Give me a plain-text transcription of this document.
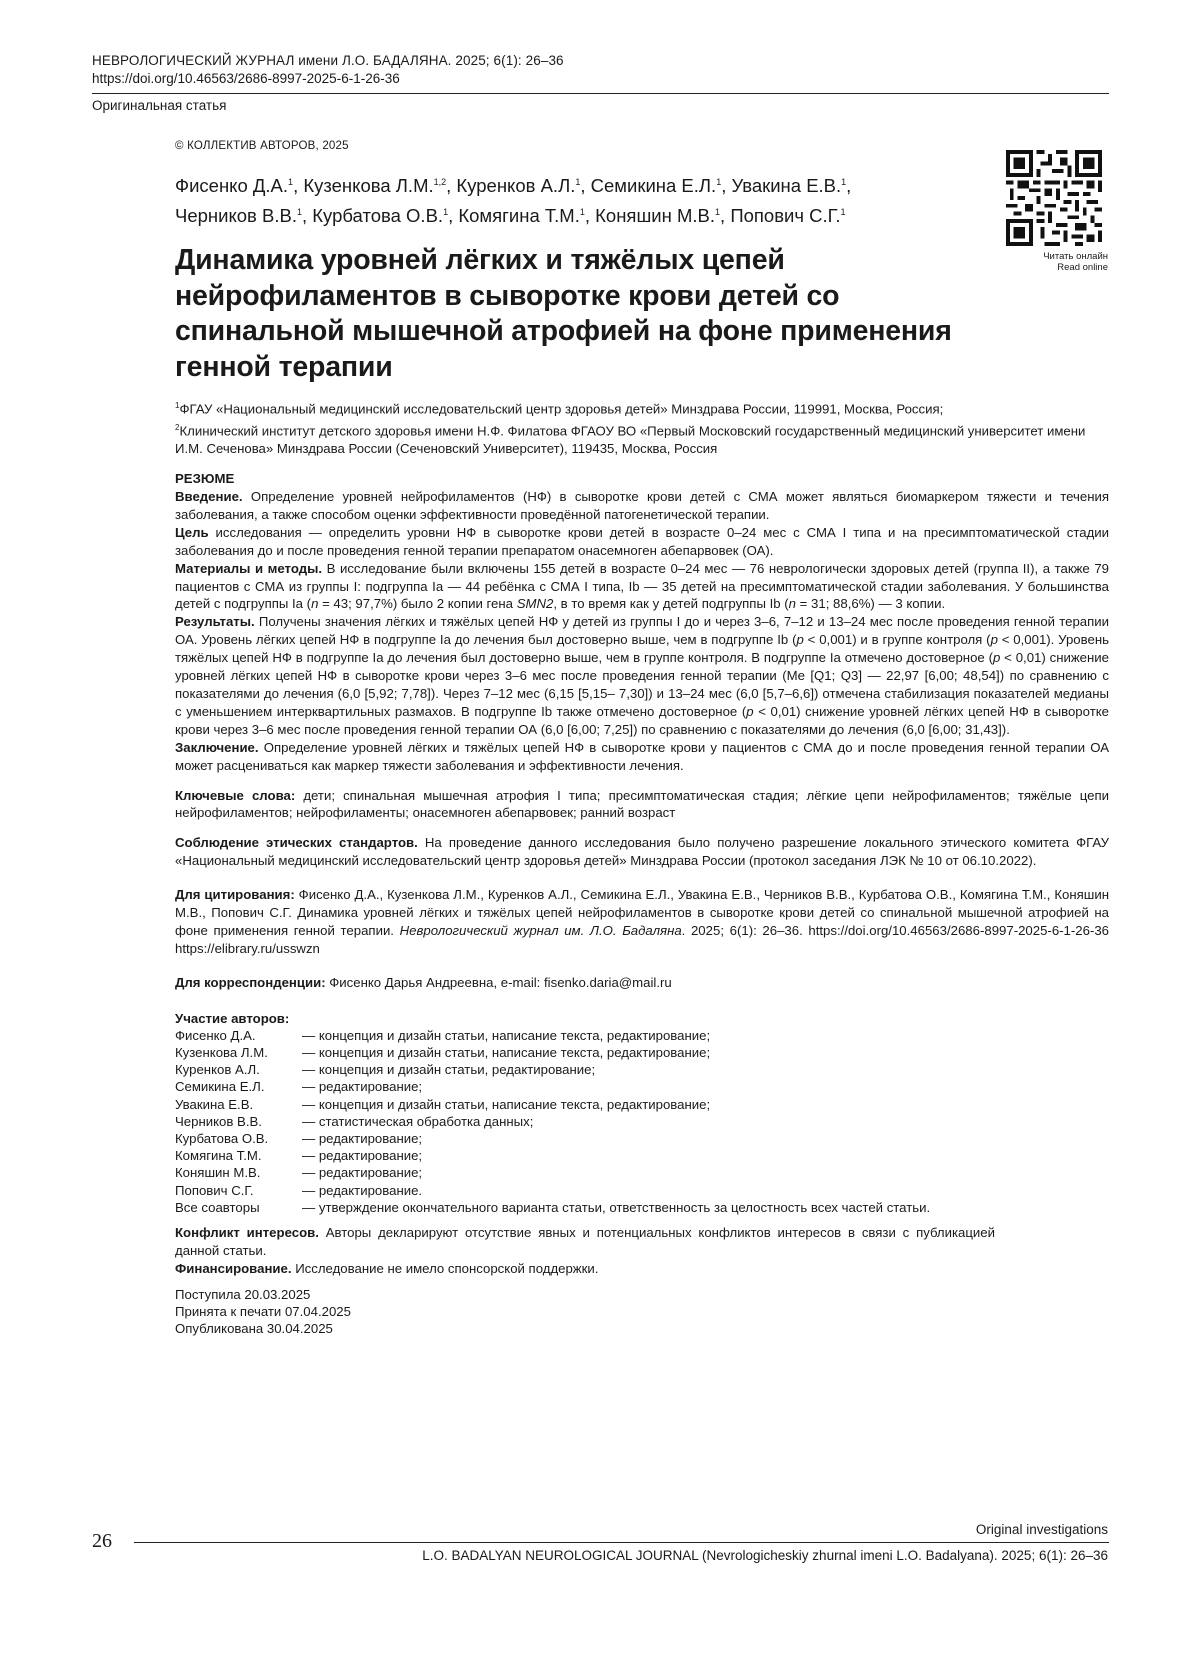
НЕВРОЛОГИЧЕСКИЙ ЖУРНАЛ имени Л.О. БАДАЛЯНА. 2025; 6(1): 26–36
https://doi.org/10.46563/2686-8997-2025-6-1-26-36
Оригинальная статья
Читать онлайн
Read online
© КОЛЛЕКТИВ АВТОРОВ, 2025
Фисенко Д.А.$^1$, Кузенкова Л.М.$^{1,2}$, Куренков А.Л.$^1$, Семикина Е.Л.$^1$, Увакина Е.В.$^1$,
Черников В.В.$^1$, Курбатова О.В.$^1$, Комягина Т.М.$^1$, Коняшин М.В.$^1$, Попович С.Г.$^1$
Динамика уровней лёгких и тяжёлых цепей нейрофиламентов в сыворотке крови детей со спинальной мышечной атрофией на фоне применения генной терапии
$^1$ФГАУ «Национальный медицинский исследовательский центр здоровья детей» Минздрава России, 119991, Москва, Россия;
$^2$Клинический институт детского здоровья имени Н.Ф. Филатова ФГАОУ ВО «Первый Московский государственный медицинский университет имени И.М. Сеченова» Минздрава России (Сеченовский Университет), 119435, Москва, Россия

РЕЗЮМЕ

Введение. Определение уровней нейрофиламентов (НФ) в сыворотке крови детей с СМА может являться биомаркером тяжести и течения заболевания, а также способом оценки эффективности проведённой патогенетической терапии.

Цель исследования — определить уровни НФ в сыворотке крови детей в возрасте 0–24 мес с СМА I типа и на пресимптоматической стадии заболевания до и после проведения генной терапии препаратом онасемноген абепарвовек (ОА).

Материалы и методы. В исследование были включены 155 детей в возрасте 0–24 мес — 76 неврологически здоровых детей (группа II), а также 79 пациентов с СМА из группы I: подгруппа Ia — 44 ребёнка с СМА I типа, Ib — 35 детей на пресимптоматической стадии заболевания. У большинства детей с подгруппы Ia (n = 43; 97,7%) было 2 копии гена SMN2, в то время как у детей подгруппы Ib (n = 31; 88,6%) — 3 копии.

Результаты. Получены значения лёгких и тяжёлых цепей НФ у детей из группы I до и через 3–6, 7–12 и 13–24 мес после проведения генной терапии ОА. Уровень лёгких цепей НФ в подгруппе Ia до лечения был достоверно выше, чем в подгруппе Ib (p < 0,001) и в группе контроля (p < 0,001). Уровень тяжёлых цепей НФ в подгруппе Ia до лечения был достоверно выше, чем в группе контроля. В подгруппе Ia отмечено достоверное (p < 0,01) снижение уровней лёгких цепей НФ в сыворотке крови через 3–6 мес после проведения генной терапии (Me [Q1; Q3] — 22,97 [6,00; 48,54]) по сравнению с показателями до лечения (6,0 [5,92; 7,78]). Через 7–12 мес (6,15 [5,15– 7,30]) и 13–24 мес (6,0 [5,7–6,6]) отмечена стабилизация показателей медианы с уменьшением интерквартильных размахов. В подгруппе Ib также отмечено достоверное (p < 0,01) снижение уровней лёгких цепей НФ в сыворотке крови через 3–6 мес после проведения генной терапии ОА (6,0 [6,00; 7,25]) по сравнению с показателями до лечения (6,0 [6,00; 31,43]).

Заключение. Определение уровней лёгких и тяжёлых цепей НФ в сыворотке крови у пациентов с СМА до и после проведения генной терапии ОА может расцениваться как маркер тяжести заболевания и эффективности лечения.

Ключевые слова: дети; спинальная мышечная атрофия I типа; пресимптоматическая стадия; лёгкие цепи нейрофиламентов; тяжёлые цепи нейрофиламентов; нейрофиламенты; онасемноген абепарвовек; ранний возраст
Соблюдение этических стандартов. На проведение данного исследования было получено разрешение локального этического комитета ФГАУ «Национальный медицинский исследовательский центр здоровья детей» Минздрава России (протокол заседания ЛЭК № 10 от 06.10.2022).
Для цитирования: Фисенко Д.А., Кузенкова Л.М., Куренков А.Л., Семикина Е.Л., Увакина Е.В., Черников В.В., Курбатова О.В., Комягина Т.М., Коняшин М.В., Попович С.Г. Динамика уровней лёгких и тяжёлых цепей нейрофиламентов в сыворотке крови детей со спинальной мышечной атрофией на фоне применения генной терапии. Неврологический журнал им. Л.О. Бадаляна. 2025; 6(1): 26–36. https://doi.org/10.46563/2686-8997-2025-6-1-26-36 https://elibrary.ru/usswzn
Для корреспонденции: Фисенко Дарья Андреевна, e-mail: fisenko.daria@mail.ru
Участие авторов:
Фисенко Д.А.	— концепция и дизайн статьи, написание текста, редактирование;
Кузенкова Л.М.	— концепция и дизайн статьи, написание текста, редактирование;
Куренков А.Л.	— концепция и дизайн статьи, редактирование;
Семикина Е.Л.	— редактирование;
Увакина Е.В.	— концепция и дизайн статьи, написание текста, редактирование;
Черников В.В.	— статистическая обработка данных;
Курбатова О.В.	— редактирование;
Комягина Т.М.	— редактирование;
Коняшин М.В.	— редактирование;
Попович С.Г.	— редактирование.
Все соавторы	— утверждение окончательного варианта статьи, ответственность за целостность всех частей статьи.
Конфликт интересов. Авторы декларируют отсутствие явных и потенциальных конфликтов интересов в связи с публикацией данной статьи.
Финансирование. Исследование не имело спонсорской поддержки.
Поступила 20.03.2025
Принята к печати 07.04.2025
Опубликована 30.04.2025
Original investigations
26
L.O. BADALYAN NEUROLOGICAL JOURNAL (Nevrologicheskiy zhurnal imeni L.O. Badalyana). 2025; 6(1): 26–36
